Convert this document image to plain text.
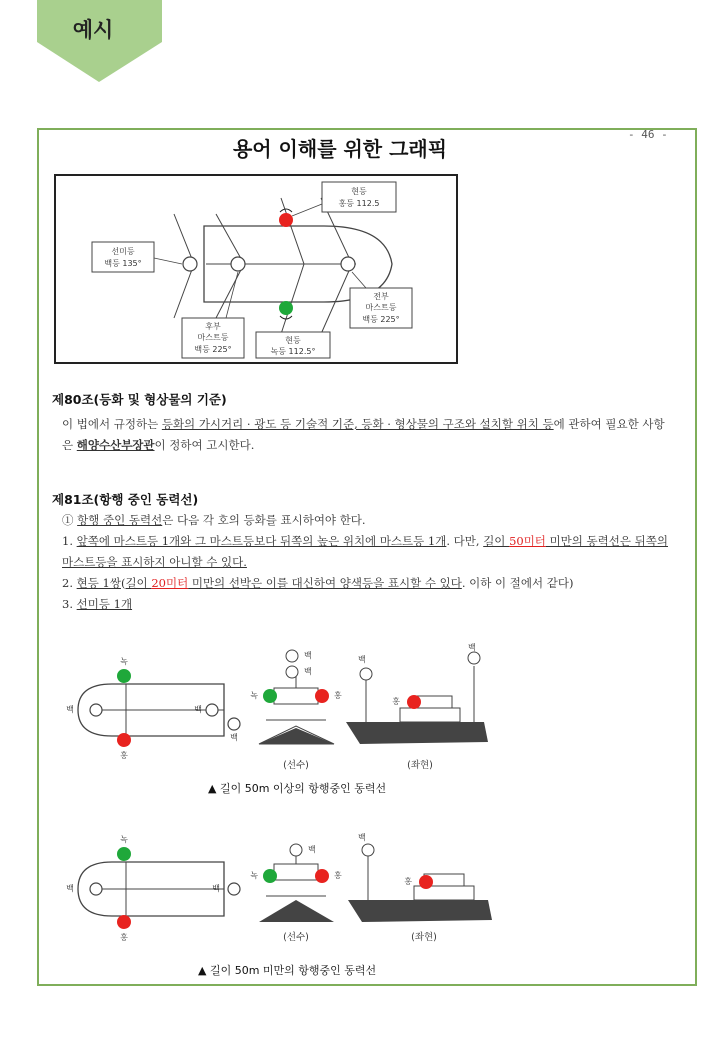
예시
- 46 -
용어 이해를 위한 그래픽
선미등
백등 135°
현등
홍등 112.5
후부
마스트등
백등 225°
현등
녹등 112.5°
전부
마스트등
백등 225°
제80조(등화 및 형상물의 기준)
이 법에서 규정하는 등화의 가시거리 · 광도 등 기술적 기준, 등화 · 형상물의 구조와 설치할 위치 등에 관하여 필요한 사항은 해양수산부장관이 정하여 고시한다.
제81조(항행 중인 동력선)
① 항행 중인 동력선은 다음 각 호의 등화를 표시하여야 한다.
1. 앞쪽에 마스트등 1개와 그 마스트등보다 뒤쪽의 높은 위치에 마스트등 1개. 다만, 길이 50미터 미만의 동력선은 뒤쪽의 마스트등을 표시하지 아니할 수 있다.
2. 현등 1쌍(길이 20미터 미만의 선박은 이를 대신하여 양색등을 표시할 수 있다. 이하 이 절에서 같다)
3. 선미등 1개
녹
홍
백	백
백
백
백
녹	홍
(선수)
백
백
홍
(좌현)
▲ 길이 50m 이상의 항행중인 동력선
녹
홍
백	백
백
녹	홍
(선수)
백
홍
(좌현)
▲ 길이 50m 미만의 항행중인 동력선
